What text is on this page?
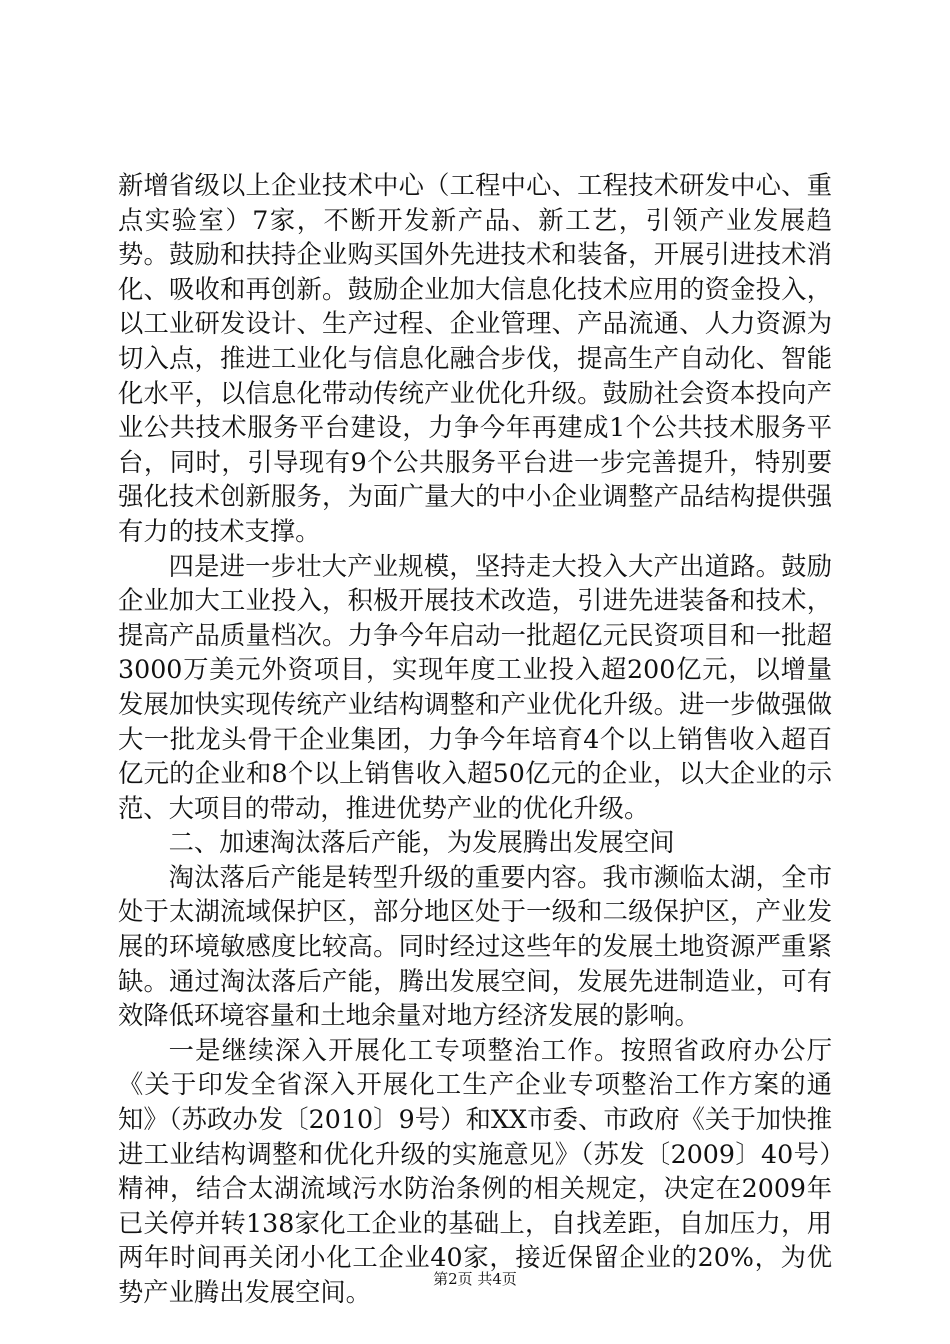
新增省级以上企业技术中心（工程中心、工程技术研发中心、重点实验室）7家，不断开发新产品、新工艺，引领产业发展趋势。鼓励和扶持企业购买国外先进技术和装备，开展引进技术消化、吸收和再创新。鼓励企业加大信息化技术应用的资金投入，以工业研发设计、生产过程、企业管理、产品流通、人力资源为切入点，推进工业化与信息化融合步伐，提高生产自动化、智能化水平，以信息化带动传统产业优化升级。鼓励社会资本投向产业公共技术服务平台建设，力争今年再建成1个公共技术服务平台，同时，引导现有9个公共服务平台进一步完善提升，特别要强化技术创新服务，为面广量大的中小企业调整产品结构提供强有力的技术支撑。

四是进一步壮大产业规模，坚持走大投入大产出道路。鼓励企业加大工业投入，积极开展技术改造，引进先进装备和技术，提高产品质量档次。力争今年启动一批超亿元民资项目和一批超3000万美元外资项目，实现年度工业投入超200亿元，以增量发展加快实现传统产业结构调整和产业优化升级。进一步做强做大一批龙头骨干企业集团，力争今年培育4个以上销售收入超百亿元的企业和8个以上销售收入超50亿元的企业，以大企业的示范、大项目的带动，推进优势产业的优化升级。

二、加速淘汰落后产能，为发展腾出发展空间

淘汰落后产能是转型升级的重要内容。我市濒临太湖，全市处于太湖流域保护区，部分地区处于一级和二级保护区，产业发展的环境敏感度比较高。同时经过这些年的发展土地资源严重紧缺。通过淘汰落后产能，腾出发展空间，发展先进制造业，可有效降低环境容量和土地余量对地方经济发展的影响。

一是继续深入开展化工专项整治工作。按照省政府办公厅《关于印发全省深入开展化工生产企业专项整治工作方案的通知》（苏政办发〔2010〕9号）和XX市委、市政府《关于加快推进工业结构调整和优化升级的实施意见》（苏发〔2009〕40号）精神，结合太湖流域污水防治条例的相关规定，决定在2009年已关停并转138家化工企业的基础上，自找差距，自加压力，用两年时间再关闭小化工企业40家，接近保留企业的20%，为优势产业腾出发展空间。	第2页 共4页
